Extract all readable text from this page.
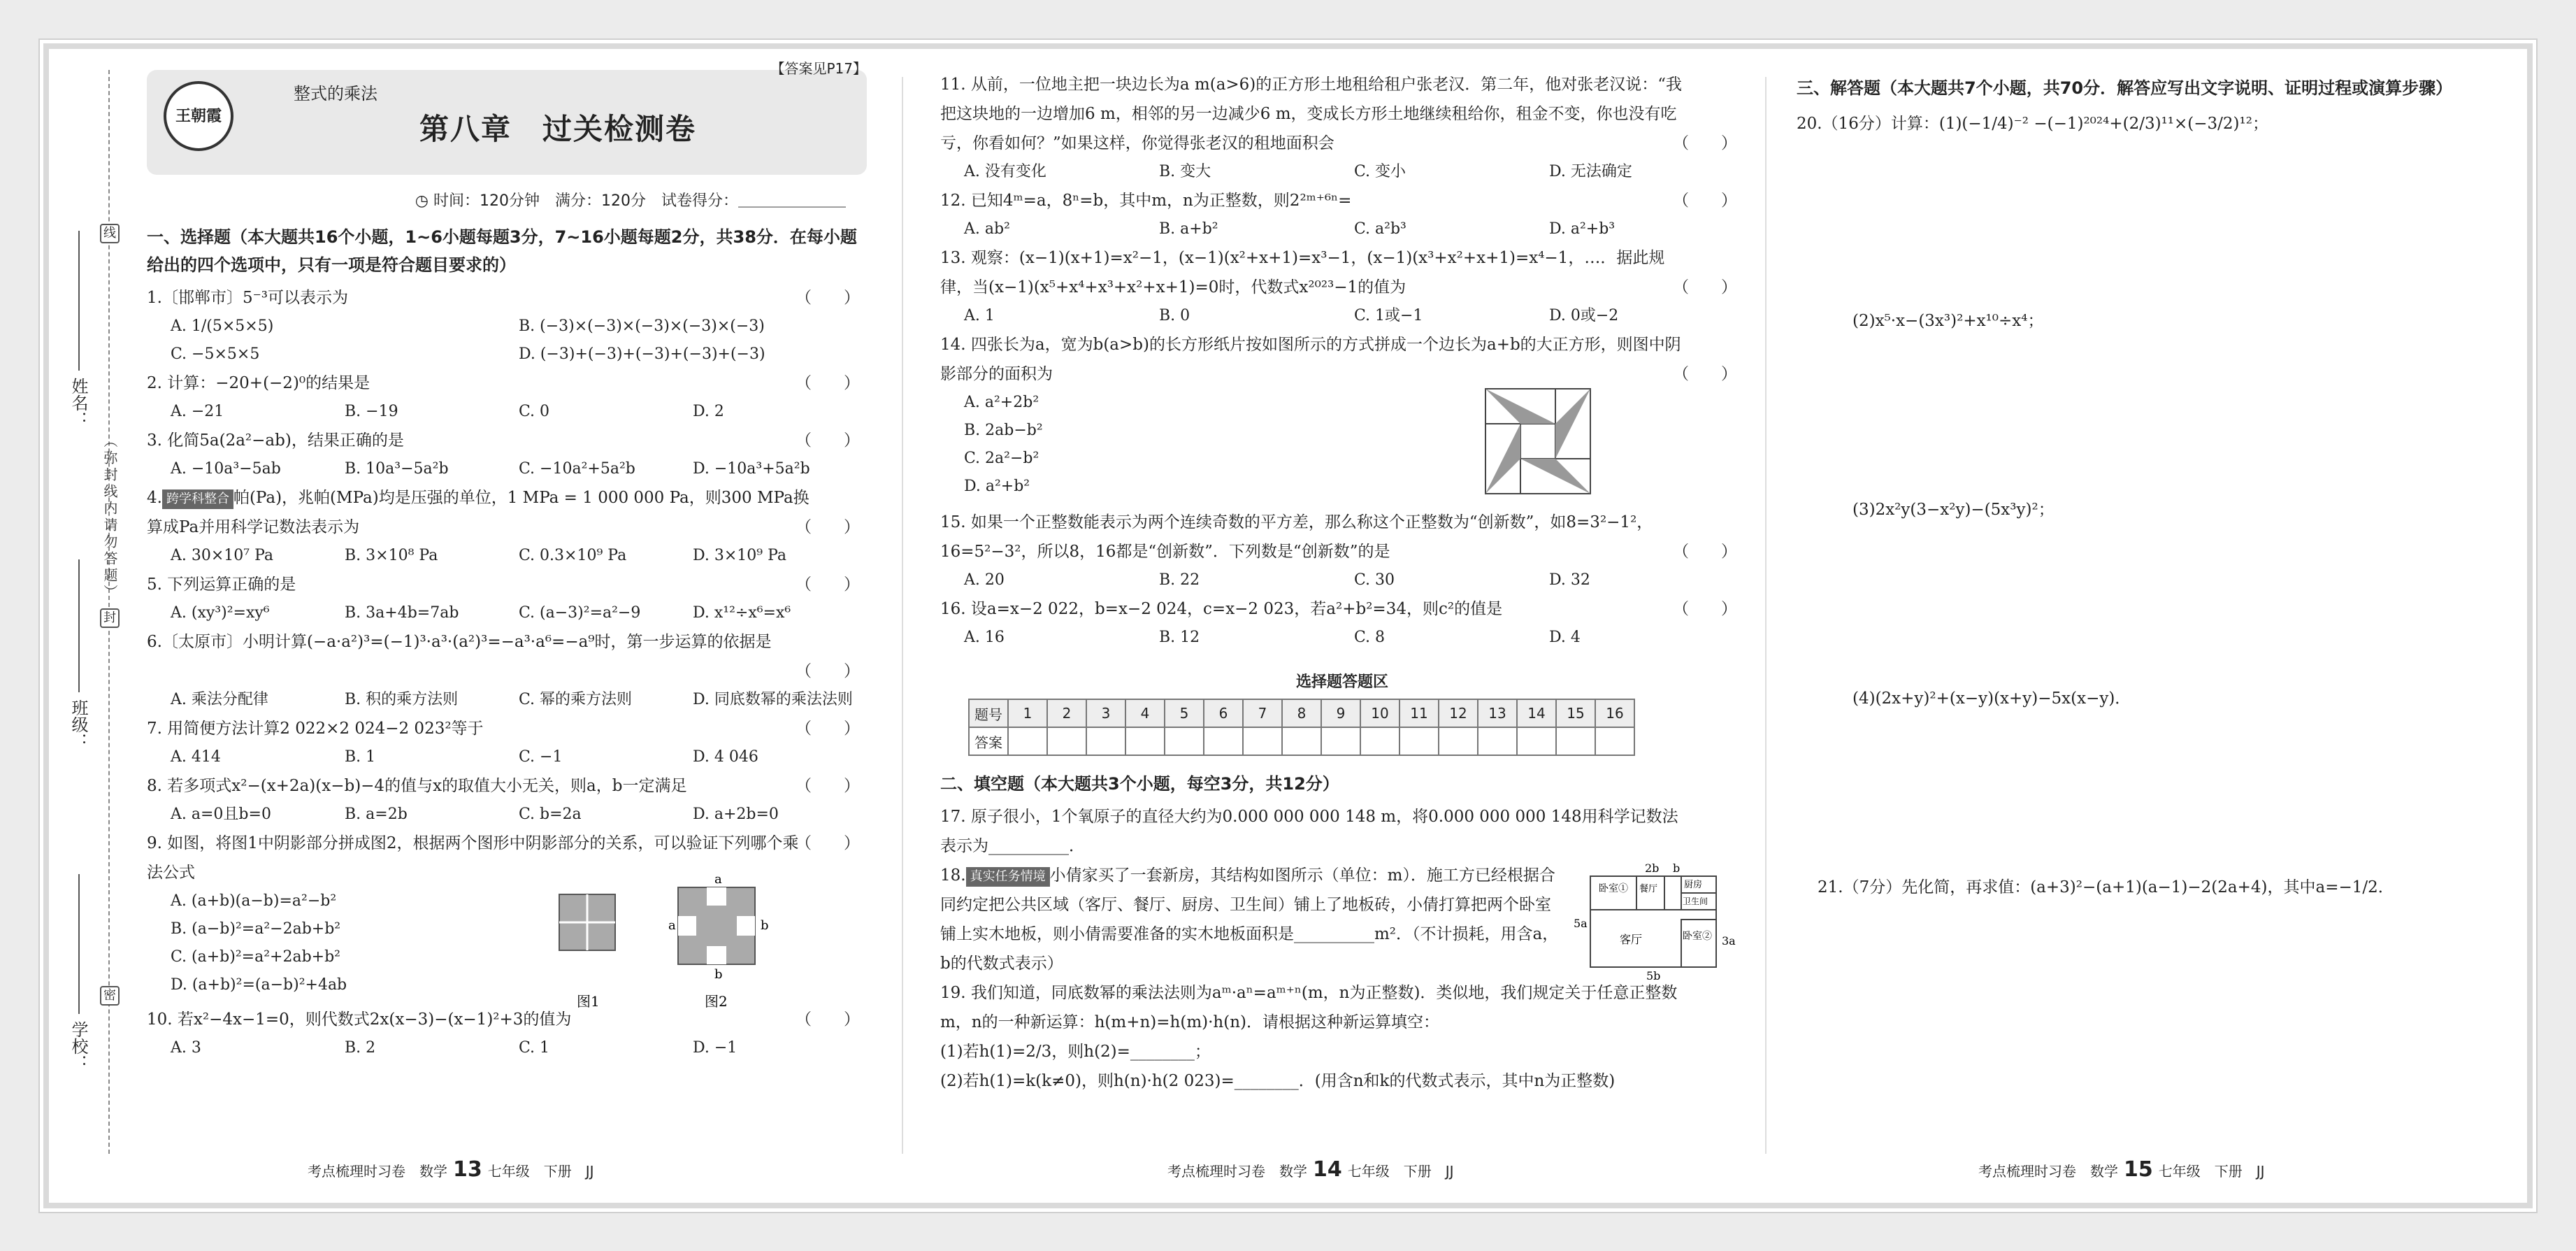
线
封
密
（弥封线内请勿答题）
姓名：
班级：
学校：
【答案见P17】
王朝霞
整式的乘法
第八章　过关检测卷
◷ 时间：120分钟　满分：120分　试卷得分：＿＿＿＿＿＿＿
一、选择题（本大题共16个小题，1~6小题每题3分，7~16小题每题2分，共38分．在每小题给出的四个选项中，只有一项是符合题目要求的）
1.〔邯郸市〕5⁻³可以表示为	（　　）
A. 1/(5×5×5)	B. (−3)×(−3)×(−3)×(−3)×(−3)
C. −5×5×5	D. (−3)+(−3)+(−3)+(−3)+(−3)
2. 计算：−20+(−2)⁰的结果是	（　　）
A. −21	B. −19	C. 0	D. 2
3. 化简5a(2a²−ab)，结果正确的是	（　　）
A. −10a³−5ab	B. 10a³−5a²b	C. −10a²+5a²b	D. −10a³+5a²b
4. 跨学科整合 帕(Pa)，兆帕(MPa)均是压强的单位，1 MPa = 1 000 000 Pa，则300 MPa换算成Pa并用科学记数法表示为	（　　）
A. 30×10⁷ Pa	B. 3×10⁸ Pa	C. 0.3×10⁹ Pa	D. 3×10⁹ Pa
5. 下列运算正确的是	（　　）
A. (xy³)²=xy⁶	B. 3a+4b=7ab	C. (a−3)²=a²−9	D. x¹²÷x⁶=x⁶
6.〔太原市〕小明计算(−a·a²)³=(−1)³·a³·(a²)³=−a³·a⁶=−a⁹时，第一步运算的依据是
（　　）
A. 乘法分配律	B. 积的乘方法则	C. 幂的乘方法则	D. 同底数幂的乘法法则
7. 用简便方法计算2 022×2 024−2 023²等于	（　　）
A. 414	B. 1	C. −1	D. 4 046
8. 若多项式x²−(x+2a)(x−b)−4的值与x的取值大小无关，则a，b一定满足	（　　）
A. a=0且b=0	B. a=2b	C. b=2a	D. a+2b=0
9. 如图，将图1中阴影部分拼成图2，根据两个图形中阴影部分的关系，可以验证下列哪个乘法公式
（　　）
A. (a+b)(a−b)=a²−b²
B. (a−b)²=a²−2ab+b²
C. (a+b)²=a²+2ab+b²
D. (a+b)²=(a−b)²+4ab
a
a	b
b
图1	图2
10. 若x²−4x−1=0，则代数式2x(x−3)−(x−1)²+3的值为	（　　）
A. 3	B. 2	C. 1	D. −1
11. 从前，一位地主把一块边长为a m(a>6)的正方形土地租给租户张老汉．第二年，他对张老汉说：“我把这块地的一边增加6 m，相邻的另一边减少6 m，变成长方形土地继续租给你，租金不变，你也没有吃亏，你看如何？”如果这样，你觉得张老汉的租地面积会	（　　）
A. 没有变化	B. 变大	C. 变小	D. 无法确定
12. 已知4ᵐ=a，8ⁿ=b，其中m，n为正整数，则2²ᵐ⁺⁶ⁿ=	（　　）
A. ab²	B. a+b²	C. a²b³	D. a²+b³
13. 观察：(x−1)(x+1)=x²−1，(x−1)(x²+x+1)=x³−1，(x−1)(x³+x²+x+1)=x⁴−1，…．据此规律，当(x−1)(x⁵+x⁴+x³+x²+x+1)=0时，代数式x²⁰²³−1的值为	（　　）
A. 1	B. 0	C. 1或−1	D. 0或−2
14. 四张长为a，宽为b(a>b)的长方形纸片按如图所示的方式拼成一个边长为a+b的大正方形，则图中阴影部分的面积为	（　　）
A. a²+2b²
B. 2ab−b²
C. 2a²−b²
D. a²+b²
15. 如果一个正整数能表示为两个连续奇数的平方差，那么称这个正整数为“创新数”，如8=3²−1²，16=5²−3²，所以8，16都是“创新数”．下列数是“创新数”的是	（　　）
A. 20	B. 22	C. 30	D. 32
16. 设a=x−2 022，b=x−2 024，c=x−2 023，若a²+b²=34，则c²的值是	（　　）
A. 16	B. 12	C. 8	D. 4
选择题答题区
题号	1	2	3	4	5	6	7	8	9	10	11	12	13	14	15	16
答案																
二、填空题（本大题共3个小题，每空3分，共12分）
17. 原子很小，1个氧原子的直径大约为0.000 000 000 148 m，将0.000 000 000 148用科学记数法表示为__________．
18. 真实任务情境 小倩家买了一套新房，其结构如图所示（单位：m）．施工方已经根据合同约定把公共区域（客厅、餐厅、厨房、卫生间）铺上了地板砖，小倩打算把两个卧室铺上实木地板，则小倩需要准备的实木地板面积是__________m²．（不计损耗，用含a，b的代数式表示）
2b b
卧室① 餐厅	厨房
卫生间
客厅	卧室②
5a
3a
5b
19. 我们知道，同底数幂的乘法法则为aᵐ·aⁿ=aᵐ⁺ⁿ(m，n为正整数)．类似地，我们规定关于任意正整数m，n的一种新运算：h(m+n)=h(m)·h(n)．请根据这种新运算填空：
(1)若h(1)=2/3，则h(2)=________；
(2)若h(1)=k(k≠0)，则h(n)·h(2 023)=________．(用含n和k的代数式表示，其中n为正整数)
三、解答题（本大题共7个小题，共70分．解答应写出文字说明、证明过程或演算步骤）
20.（16分）计算：(1)(−1/4)⁻² −(−1)²⁰²⁴+(2/3)¹¹×(−3/2)¹²；
(2)x⁵·x−(3x³)²+x¹⁰÷x⁴；
(3)2x²y(3−x²y)−(5x³y)²；
(4)(2x+y)²+(x−y)(x+y)−5x(x−y)．
21.（7分）先化简，再求值：(a+3)²−(a+1)(a−1)−2(2a+4)，其中a=−1/2．
考点梳理时习卷　数学 13 七年级　下册　JJ	考点梳理时习卷　数学 14 七年级　下册　JJ	考点梳理时习卷　数学 15 七年级　下册　JJ
